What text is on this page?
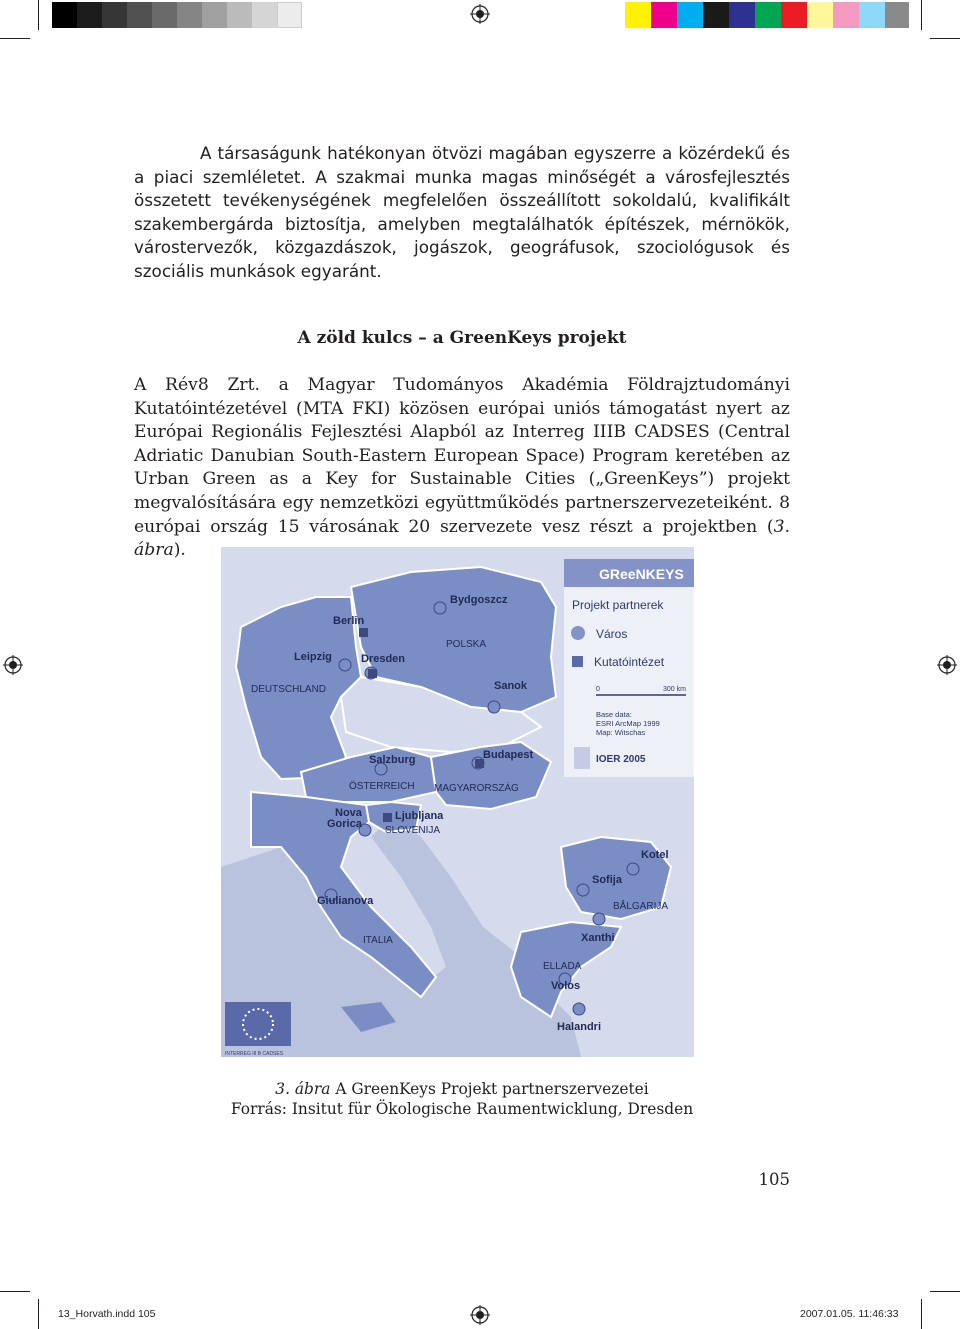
A társaságunk hatékonyan ötvözi magában egyszerre a közérdekű és a piaci szemléletet. A szakmai munka magas minőségét a városfejlesztés összetett tevékenységének megfelelően összeállított sokoldalú, kvalifikált szakembergárda biztosítja, amelyben megtalálhatók építészek, mérnökök, várostervezők, közgazdászok, jogászok, geográfusok, szociológusok és szociális munkások egyaránt.

A zöld kulcs – a GreenKeys projekt

A Rév8 Zrt. a Magyar Tudományos Akadémia Földrajztudományi Kutatóintézetével (MTA FKI) közösen európai uniós támogatást nyert az Európai Regionális Fejlesztési Alapból az Interreg IIIB CADSES (Central Adriatic Danubian South-Eastern European Space) Program keretében az Urban Green as a Key for Sustainable Cities („GreenKeys”) projekt megvalósítására egy nemzetközi együttműködés partnerszervezeteiként. 8 európai ország 15 városának 20 szervezete vesz részt a projektben (3. ábra).

GReeNKEYS
Projekt partnerek
Város
Kutatóintézet
0	300 km
Base data:
ESRI ArcMap 1999
Map: Witschas
IOER 2005
INTERREG III B CADSES
DEUTSCHLAND
POLSKA
ÖSTERREICH MAGYARORSZÁG
SLOVENIJA
ITALIA
BÅLGARIJA
ELLADA
Berlin
Leipzig	Dresden
Bydgoszcz
Sanok
Salzburg	Budapest
Nova
Gorica
Ljubljana
Giulianova
Kotel
Sofija
Xanthi
Volos
Halandri
3. ábra A GreenKeys Projekt partnerszervezetei
Forrás: Insitut für Ökologische Raumentwicklung, Dresden
105
13_Horvath.indd 105	2007.01.05. 11:46:33
